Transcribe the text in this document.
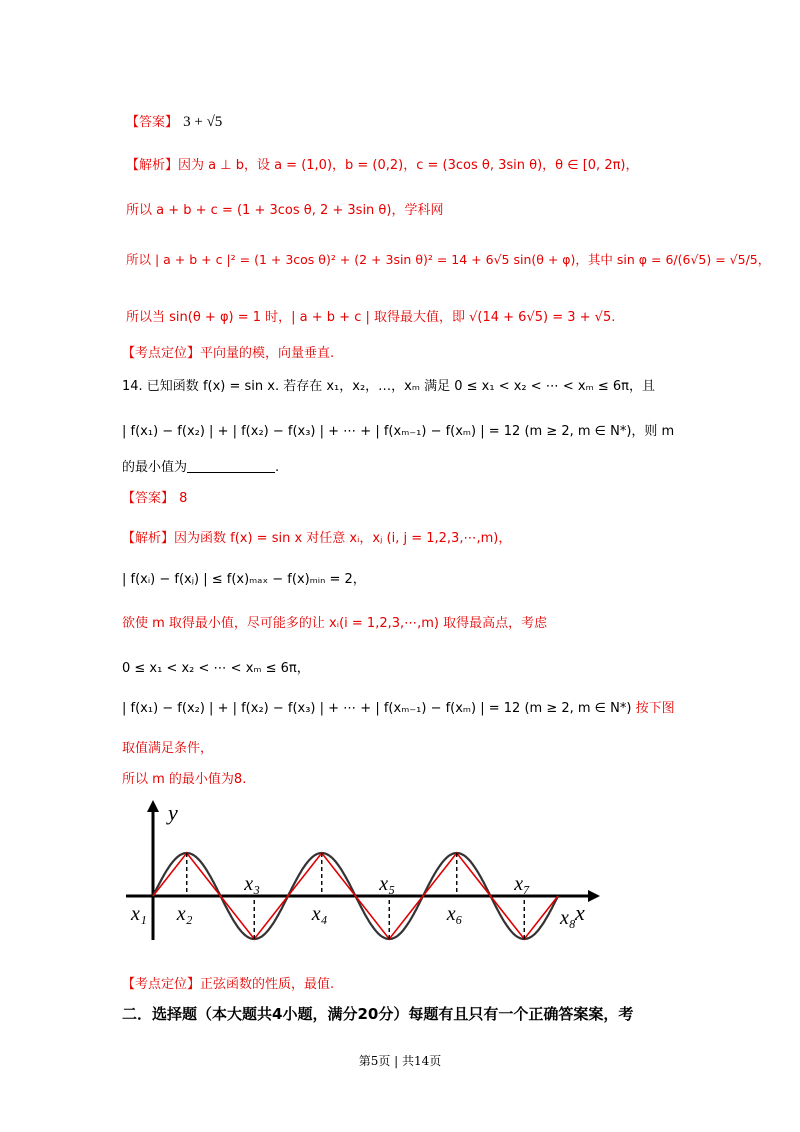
【答案】 3 + √5
【解析】因为 a ⊥ b，设 a = (1,0)，b = (0,2)，c = (3cos θ, 3sin θ)，θ ∈ [0, 2π)，
所以 a + b + c = (1 + 3cos θ, 2 + 3sin θ)，学科网
所以 | a + b + c |² = (1 + 3cos θ)² + (2 + 3sin θ)² = 14 + 6√5 sin(θ + φ)，其中 sin φ = 6/(6√5) = √5/5，
所以当 sin(θ + φ) = 1 时，| a + b + c | 取得最大值，即 √(14 + 6√5) = 3 + √5.
【考点定位】平向量的模，向量垂直.
14. 已知函数 f(x) = sin x. 若存在 x₁，x₂，…，xₘ 满足 0 ≤ x₁ < x₂ < ⋯ < xₘ ≤ 6π，且
| f(x₁) − f(x₂) | + | f(x₂) − f(x₃) | + ⋯ + | f(xₘ₋₁) − f(xₘ) | = 12 (m ≥ 2, m ∈ N*)，则 m
的最小值为	.
【答案】 8
【解析】因为函数 f(x) = sin x 对任意 xᵢ，xⱼ (i, j = 1,2,3,⋯,m)，
| f(xᵢ) − f(xⱼ) | ≤ f(x)ₘₐₓ − f(x)ₘᵢₙ = 2，
欲使 m 取得最小值，尽可能多的让 xᵢ(i = 1,2,3,⋯,m) 取得最高点，考虑
0 ≤ x₁ < x₂ < ⋯ < xₘ ≤ 6π，
| f(x₁) − f(x₂) | + | f(x₂) − f(x₃) | + ⋯ + | f(xₘ₋₁) − f(xₘ) | = 12 (m ≥ 2, m ∈ N*) 按下图
取值满足条件，
所以 m 的最小值为8.
y
x
x₁ x₂
x₃
x₄
x₅
x₆
x₇
x₈
【考点定位】正弦函数的性质，最值.
二．选择题（本大题共4小题，满分20分）每题有且只有一个正确答案案，考
第5页 | 共14页
